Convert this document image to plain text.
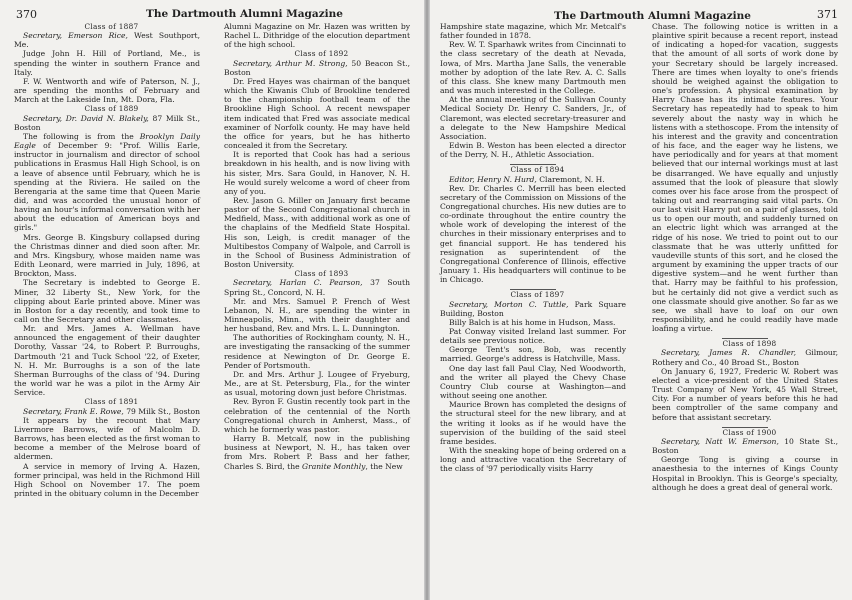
370	The Dartmouth Alumni Magazine

Class of 1887

Secretary, Emerson Rice, West Southport, Me.

Judge John H. Hill of Portland, Me., is spending the winter in southern France and Italy.

F. W. Wentworth and wife of Paterson, N. J., are spending the months of February and March at the Lakeside Inn, Mt. Dora, Fla.

Class of 1889

Secretary, Dr. David N. Blakely, 87 Milk St., Boston

The following is from the Brooklyn Daily Eagle of December 9: "Prof. Willis Earle, instructor in journalism and director of school publications in Erasmus Hall High School, is on a leave of absence until February, which he is spending at the Riviera. He sailed on the Berengaria at the same time that Queen Marie did, and was accorded the unusual honor of having an hour's informal conversation with her about the education of American boys and girls."

Mrs. George B. Kingsbury collapsed during the Christmas dinner and died soon after. Mr. and Mrs. Kingsbury, whose maiden name was Edith Leonard, were married in July, 1896, at Brockton, Mass.

The Secretary is indebted to George E. Miner, 32 Liberty St., New York, for the clipping about Earle printed above. Miner was in Boston for a day recently, and took time to call on the Secretary and other classmates.

Mr. and Mrs. James A. Wellman have announced the engagement of their daughter Dorothy, Vassar '24, to Robert P. Burroughs, Dartmouth '21 and Tuck School '22, of Exeter, N. H. Mr. Burroughs is a son of the late Sherman Burroughs of the class of '94. During the world war he was a pilot in the Army Air Service.

Class of 1891

Secretary, Frank E. Rowe, 79 Milk St., Boston

It appears by the recount that Mary Livermore Barrows, wife of Malcolm D. Barrows, has been elected as the first woman to become a member of the Melrose board of aldermen.

A service in memory of Irving A. Hazen, former principal, was held in the Richmond Hill High School on November 17. The poem printed in the obituary column in the December

Alumni Magazine on Mr. Hazen was written by Rachel L. Dithridge of the elocution department of the high school.

Class of 1892

Secretary, Arthur M. Strong, 50 Beacon St., Boston

Dr. Fred Hayes was chairman of the banquet which the Kiwanis Club of Brookline tendered to the championship football team of the Brookline High School. A recent newspaper item indicated that Fred was associate medical examiner of Norfolk county. He may have held the office for years, but he has hitherto concealed it from the Secretary.

It is reported that Cook has had a serious breakdown in his health, and is now living with his sister, Mrs. Sara Gould, in Hanover, N. H. He would surely welcome a word of cheer from any of you.

Rev. Jason G. Miller on January first became pastor of the Second Congregational church in Medfield, Mass., with additional work as one of the chaplains of the Medfield State Hospital. His son, Leigh, is credit manager of the Multibestos Company of Walpole, and Carroll is in the School of Business Administration of Boston University.

Class of 1893

Secretary, Harlan C. Pearson, 37 South Spring St., Concord, N. H.

Mr. and Mrs. Samuel P. French of West Lebanon, N. H., are spending the winter in Minneapolis, Minn., with their daughter and her husband, Rev. and Mrs. L. L. Dunnington.

The authorities of Rockingham county, N. H., are investigating the ransacking of the summer residence at Newington of Dr. George E. Pender of Portsmouth.

Dr. and Mrs. Arthur J. Lougee of Fryeburg, Me., are at St. Petersburg, Fla., for the winter as usual, motoring down just before Christmas.

Rev. Byron F. Gustin recently took part in the celebration of the centennial of the North Congregational church in Amherst, Mass., of which he formerly was pastor.

Harry B. Metcalf, now in the publishing business at Newport, N. H., has taken over from Mrs. Robert P. Bass and her father, Charles S. Bird, the Granite Monthly, the New

The Dartmouth Alumni Magazine	371

Hampshire state magazine, which Mr. Metcalf's father founded in 1878.

Rev. W. T. Sparhawk writes from Cincinnati to the class secretary of the death at Nevada, Iowa, of Mrs. Martha Jane Salls, the venerable mother by adoption of the late Rev. A. C. Salls of this class. She knew many Dartmouth men and was much interested in the College.

At the annual meeting of the Sullivan County Medical Society Dr. Henry C. Sanders, Jr., of Claremont, was elected secretary-treasurer and a delegate to the New Hampshire Medical Association.

Edwin B. Weston has been elected a director of the Derry, N. H., Athletic Association.

Class of 1894

Editor, Henry N. Hurd, Claremont, N. H.

Rev. Dr. Charles C. Merrill has been elected secretary of the Commission on Missions of the Congregational churches. His new duties are to co-ordinate throughout the entire country the whole work of developing the interest of the churches in their missionary enterprises and to get financial support. He has tendered his resignation as superintendent of the Congregational Conference of Illinois, effective January 1. His headquarters will continue to be in Chicago.

Class of 1897

Secretary, Morton C. Tuttle, Park Square Building, Boston

Billy Balch is at his home in Hudson, Mass.

Pat Conway visited Ireland last summer. For details see previous notice.

George Tent's son, Bob, was recently married. George's address is Hatchville, Mass.

One day last fall Paul Clay, Ned Woodworth, and the writer all played the Chevy Chase Country Club course at Washington—and without seeing one another.

Maurice Brown has completed the designs of the structural steel for the new library, and at the writing it looks as if he would have the supervision of the building of the said steel frame besides.

With the sneaking hope of being ordered on a long and attractive vacation the Secretary of the class of '97 periodically visits Harry

Chase. The following notice is written in a plaintive spirit because a recent report, instead of indicating a hoped-for vacation, suggests that the amount of all sorts of work done by your Secretary should be largely increased. There are times when loyalty to one's friends should be weighed against the obligation to one's profession. A physical examination by Harry Chase has its intimate features. Your Secretary has repeatedly had to speak to him severely about the nasty way in which he listens with a stethoscope. From the intensity of his interest and the gravity and concentration of his face, and the eager way he listens, we have periodically and for years at that moment believed that our internal workings must at last be disarranged. We have equally and unjustly assumed that the look of pleasure that slowly comes over his face arose from the prospect of taking out and rearranging said vital parts. On our last visit Harry put on a pair of glasses, told us to open our mouth, and suddenly turned on an electric light which was arranged at the ridge of his nose. We tried to point out to our classmate that he was utterly unfitted for vaudeville stunts of this sort, and he closed the argument by examining the upper tracts of our digestive system—and he went further than that. Harry may be faithful to his profession, but he certainly did not give a verdict such as one classmate should give another. So far as we see, we shall have to loaf on our own responsibility, and he could readily have made loafing a virtue.

Class of 1898

Secretary, James R. Chandler, Gilmour, Rothery and Co., 40 Broad St., Boston

On January 6, 1927, Frederic W. Robert was elected a vice-president of the United States Trust Company of New York, 45 Wall Street, City. For a number of years before this he had been comptroller of the same company and before that assistant secretary.

Class of 1900

Secretary, Natt W. Emerson, 10 State St., Boston

George Tong is giving a course in anaesthesia to the internes of Kings County Hospital in Brooklyn. This is George's specialty, although he does a great deal of general work.
